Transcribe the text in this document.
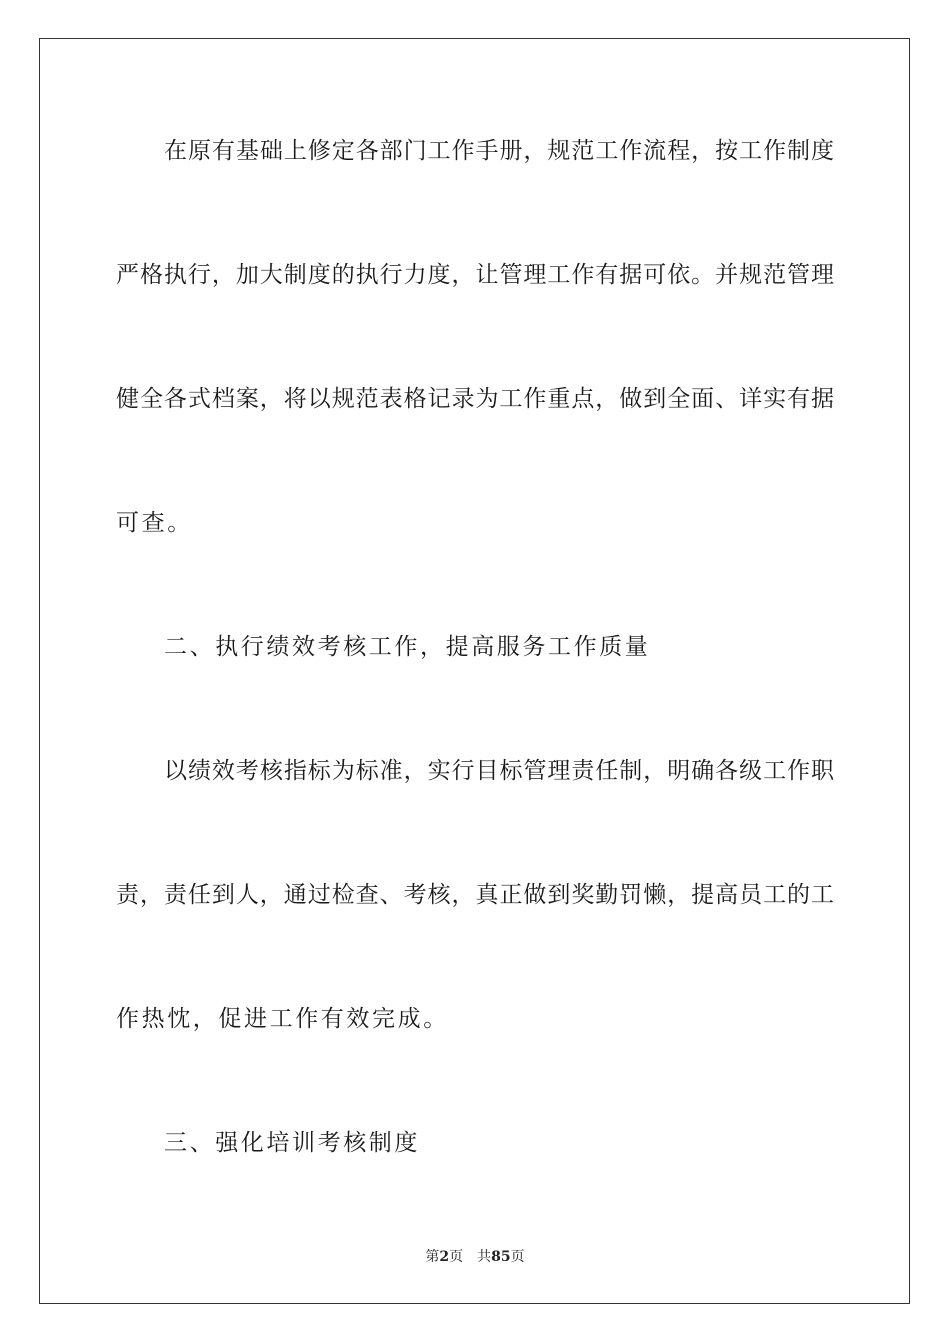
在原有基础上修定各部门工作手册，规范工作流程，按工作制度
严格执行，加大制度的执行力度，让管理工作有据可依。并规范管理
健全各式档案，将以规范表格记录为工作重点，做到全面、详实有据
可查。
二、执行绩效考核工作，提高服务工作质量
以绩效考核指标为标准，实行目标管理责任制，明确各级工作职
责，责任到人，通过检查、考核，真正做到奖勤罚懒，提高员工的工
作热忱，促进工作有效完成。
三、强化培训考核制度
第2页 共85页
